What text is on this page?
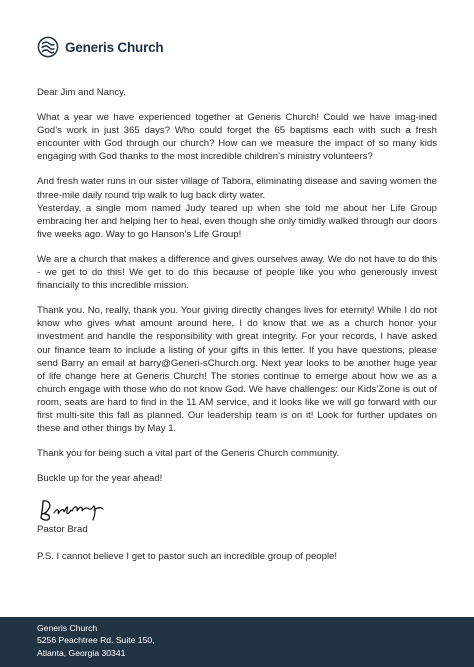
Generis Church

Dear Jim and Nancy,

What a year we have experienced together at Generis Church! Could we have imag-ined God’s work in just 365 days? Who could forget the 65 baptisms each with such a fresh encounter with God through our church? How can we measure the impact of so many kids engaging with God thanks to the most incredible children’s ministry volunteers?

And fresh water runs in our sister village of Tabora, eliminating disease and saving women the three-mile daily round trip walk to lug back dirty water.

Yesterday, a single mom named Judy teared up when she told me about her Life Group embracing her and helping her to heal, even though she only timidly walked through our doors five weeks ago. Way to go Hanson’s Life Group!

We are a church that makes a difference and gives ourselves away. We do not have to do this - we get to do this! We get to do this because of people like you who generously invest financially to this incredible mission.

Thank you. No, really, thank you. Your giving directly changes lives for eternity! While I do not know who gives what amount around here, I do know that we as a church honor your investment and handle the responsibility with great integrity. For your records, I have asked our finance team to include a listing of your gifts in this letter. If you have questions, please send Barry an email at barry@Generi-sChurch.org. Next year looks to be another huge year of life change here at Generis Church! The stories continue to emerge about how we as a church engage with those who do not know God. We have challenges: our Kids’Zone is out of room, seats are hard to find in the 11 AM service, and it looks like we will go forward with our first multi-site this fall as planned. Our leadership team is on it! Look for further updates on these and other things by May 1.

Thank you for being such a vital part of the Generis Church community.

Buckle up for the year ahead!

Pastor Brad

P.S. I cannot believe I get to pastor such an incredible group of people!

Generis Church
5256 Peachtree Rd. Suite 150,
Atlanta, Georgia 30341
